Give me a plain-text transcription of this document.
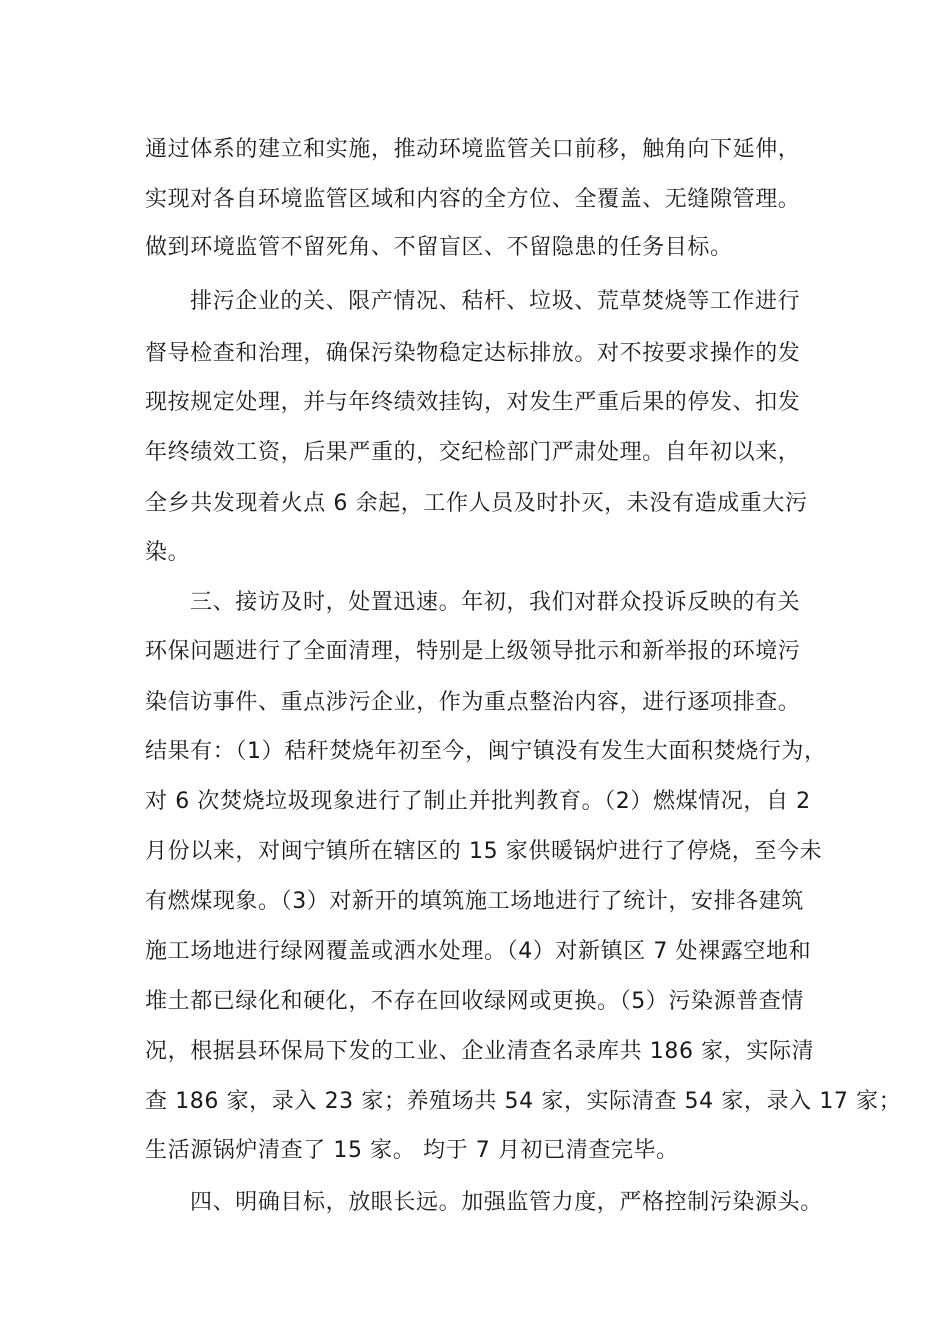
通过体系的建立和实施，推动环境监管关口前移，触角向下延伸，
实现对各自环境监管区域和内容的全方位、全覆盖、无缝隙管理。
做到环境监管不留死角、不留盲区、不留隐患的任务目标。
排污企业的关、限产情况、秸杆、垃圾、荒草焚烧等工作进行
督导检查和治理，确保污染物稳定达标排放。对不按要求操作的发
现按规定处理，并与年终绩效挂钩，对发生严重后果的停发、扣发
年终绩效工资，后果严重的，交纪检部门严肃处理。自年初以来，
全乡共发现着火点 6 余起，工作人员及时扑灭，未没有造成重大污
染。
三、接访及时，处置迅速。年初，我们对群众投诉反映的有关
环保问题进行了全面清理，特别是上级领导批示和新举报的环境污
染信访事件、重点涉污企业，作为重点整治内容，进行逐项排查。
结果有：（1）秸秆焚烧年初至今，闽宁镇没有发生大面积焚烧行为，
对 6 次焚烧垃圾现象进行了制止并批判教育。（2）燃煤情况，自 2
月份以来，对闽宁镇所在辖区的 15 家供暖锅炉进行了停烧，至今未
有燃煤现象。（3）对新开的填筑施工场地进行了统计，安排各建筑
施工场地进行绿网覆盖或洒水处理。（4）对新镇区 7 处裸露空地和
堆土都已绿化和硬化，不存在回收绿网或更换。（5）污染源普查情
况，根据县环保局下发的工业、企业清查名录库共 186 家，实际清
查 186 家，录入 23 家；养殖场共 54 家，实际清查 54 家，录入 17 家；
生活源锅炉清查了 15 家。 均于 7 月初已清查完毕。
四、明确目标，放眼长远。加强监管力度，严格控制污染源头。
